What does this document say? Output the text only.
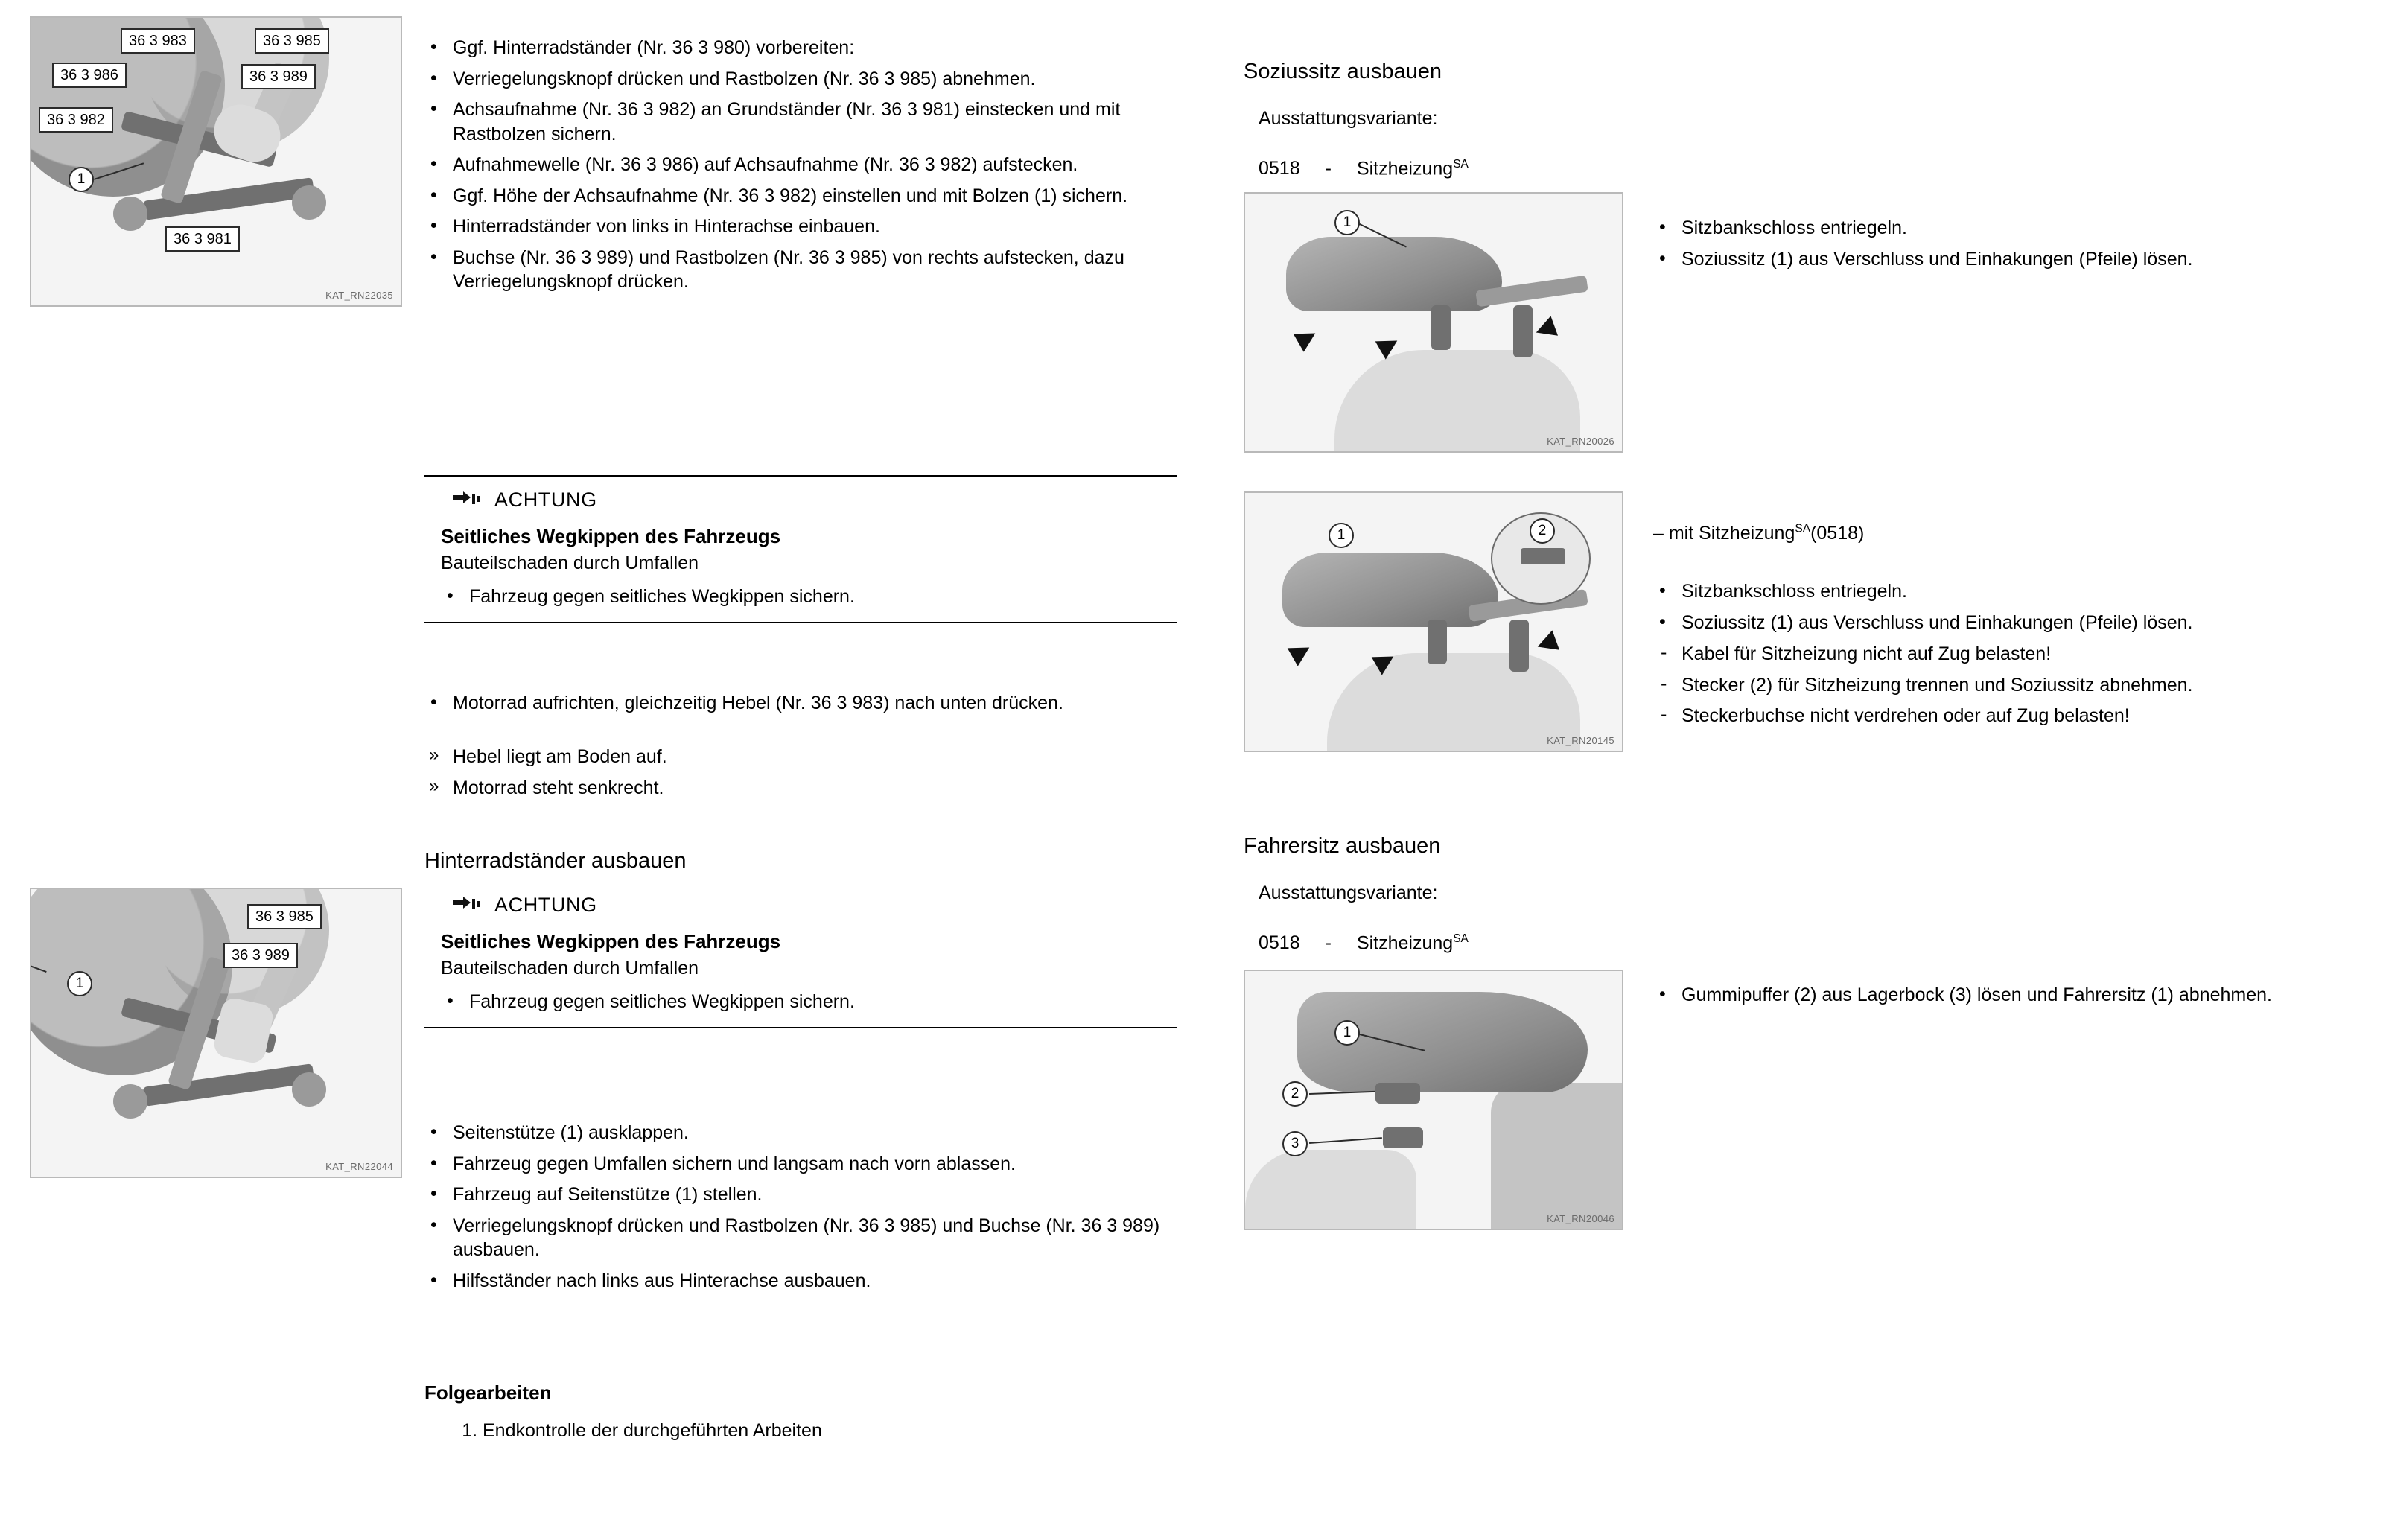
36 3 983	36 3 985
36 3 986	36 3 989
36 3 982
36 3 981
1
KAT_RN22035
• Ggf. Hinterradständer (Nr. 36 3 980) vorbereiten:
• Verriegelungsknopf drücken und Rastbolzen (Nr. 36 3 985) abnehmen.
• Achsaufnahme (Nr. 36 3 982) an Grundständer (Nr. 36 3 981) einstecken und mit Rastbolzen sichern.
• Aufnahmewelle (Nr. 36 3 986) auf Achsaufnahme (Nr. 36 3 982) aufstecken.
• Ggf. Höhe der Achsaufnahme (Nr. 36 3 982) einstellen und mit Bolzen (1) sichern.
• Hinterradständer von links in Hinterachse einbauen.
• Buchse (Nr. 36 3 989) und Rastbolzen (Nr. 36 3 985) von rechts aufstecken, dazu Verriegelungsknopf drücken.
ACHTUNG
Seitliches Wegkippen des Fahrzeugs
Bauteilschaden durch Umfallen
• Fahrzeug gegen seitliches Wegkippen sichern.
• Motorrad aufrichten, gleichzeitig Hebel (Nr. 36 3 983) nach unten drücken.
» Hebel liegt am Boden auf.
» Motorrad steht senkrecht.
Hinterradständer ausbauen
36 3 985
36 3 989
1
KAT_RN22044
ACHTUNG
Seitliches Wegkippen des Fahrzeugs
Bauteilschaden durch Umfallen
• Fahrzeug gegen seitliches Wegkippen sichern.
• Seitenstütze (1) ausklappen.
• Fahrzeug gegen Umfallen sichern und langsam nach vorn ablassen.
• Fahrzeug auf Seitenstütze (1) stellen.
• Verriegelungsknopf drücken und Rastbolzen (Nr. 36 3 985) und Buchse (Nr. 36 3 989) ausbauen.
• Hilfsständer nach links aus Hinterachse ausbauen.
Folgearbeiten
1. Endkontrolle der durchgeführten Arbeiten
Soziussitz ausbauen
Ausstattungsvariante:
0518 - Sitzheizung$^{SA}$
1
KAT_RN20026
• Sitzbankschloss entriegeln.
• Soziussitz (1) aus Verschluss und Einhakungen (Pfeile) lösen.
1	2
KAT_RN20145
– mit Sitzheizung$^{SA}$(0518)
• Sitzbankschloss entriegeln.
• Soziussitz (1) aus Verschluss und Einhakungen (Pfeile) lösen.
- Kabel für Sitzheizung nicht auf Zug belasten!
- Stecker (2) für Sitzheizung trennen und Soziussitz abnehmen.
- Steckerbuchse nicht verdrehen oder auf Zug belasten!
Fahrersitz ausbauen
Ausstattungsvariante:
0518 - Sitzheizung$^{SA}$
1
2
3
KAT_RN20046
• Gummipuffer (2) aus Lagerbock (3) lösen und Fahrersitz (1) abnehmen.
